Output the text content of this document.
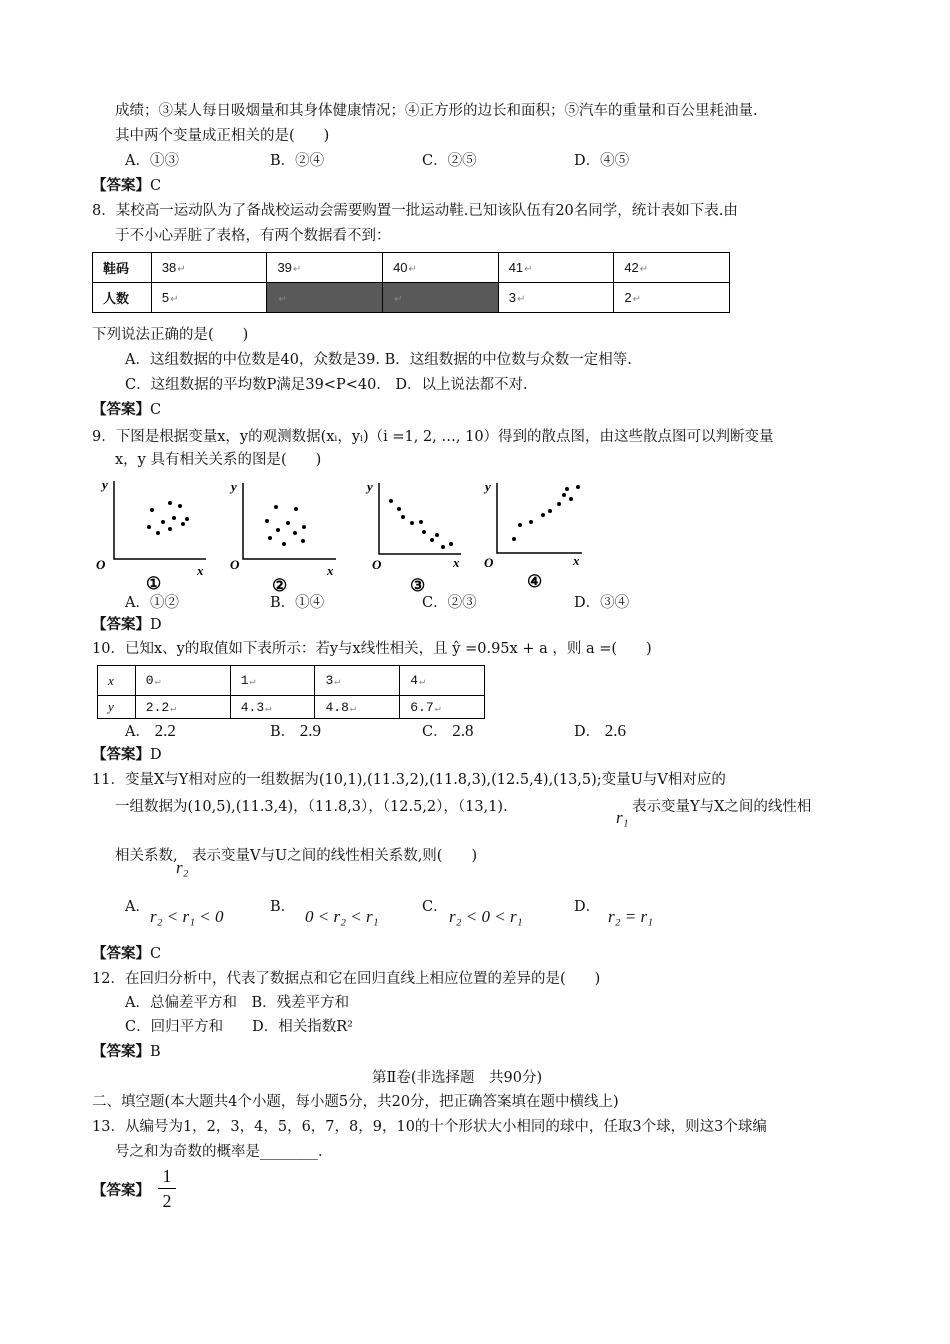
成绩；③某人每日吸烟量和其身体健康情况；④正方形的边长和面积；⑤汽车的重量和百公里耗油量.
其中两个变量成正相关的是(　　)
A．①③	B．②④	C．②⑤	D．④⑤
【答案】C
8．某校高一运动队为了备战校运动会需要购置一批运动鞋.已知该队伍有20名同学，统计表如下表.由
于不小心弄脏了表格，有两个数据看不到：
鞋码	38↵	39↵	40↵	41↵	42↵
人数	5↵	↵	↵	3↵	2↵
下列说法正确的是(　　)
A．这组数据的中位数是40，众数是39. B．这组数据的中位数与众数一定相等.
C．这组数据的平均数P满足39<P<40.　D．以上说法都不对.
【答案】C
9．下图是根据变量x，y的观测数据(xᵢ，yᵢ)（i =1, 2, …, 10）得到的散点图，由这些散点图可以判断变量
x，y 具有相关关系的图是(　　)
y
O	x
y
O	x
y
O	x
y
O	x
①	②	③	④
A．①②	B．①④	C．②③	D．③④
【答案】D
10．已知x、y的取值如下表所示：若y与x线性相关，且 ŷ =0.95x + a ，则 a =(　　)
x	0↵	1↵	3↵	4↵
y	2.2↵	4.3↵	4.8↵	6.7↵
A． 2.2	B． 2.9	C． 2.8	D． 2.6
【答案】D
11．变量X与Y相对应的一组数据为(10,1),(11.3,2),(11.8,3),(12.5,4),(13,5);变量U与V相对应的
一组数据为(10,5),(11.3,4)，（11.8,3），（12.5,2），（13,1).
r₁
表示变量Y与X之间的线性相
相关系数,
r₂
表示变量V与U之间的线性相关系数,则(　　)
A． r₂ < r₁ < 0	B． 0 < r₂ < r₁	C． r₂ < 0 < r₁	D． r₂ = r₁
【答案】C
12．在回归分析中，代表了数据点和它在回归直线上相应位置的差异的是(　　)
A．总偏差平方和　B．残差平方和
C．回归平方和　　D．相关指数R²
【答案】B
第Ⅱ卷(非选择题　共90分)
二、填空题(本大题共4个小题，每小题5分，共20分，把正确答案填在题中横线上)
13．从编号为1，2，3，4，5，6，7，8，9，10的十个形状大小相同的球中，任取3个球，则这3个球编
号之和为奇数的概率是________.
【答案】
1
2
